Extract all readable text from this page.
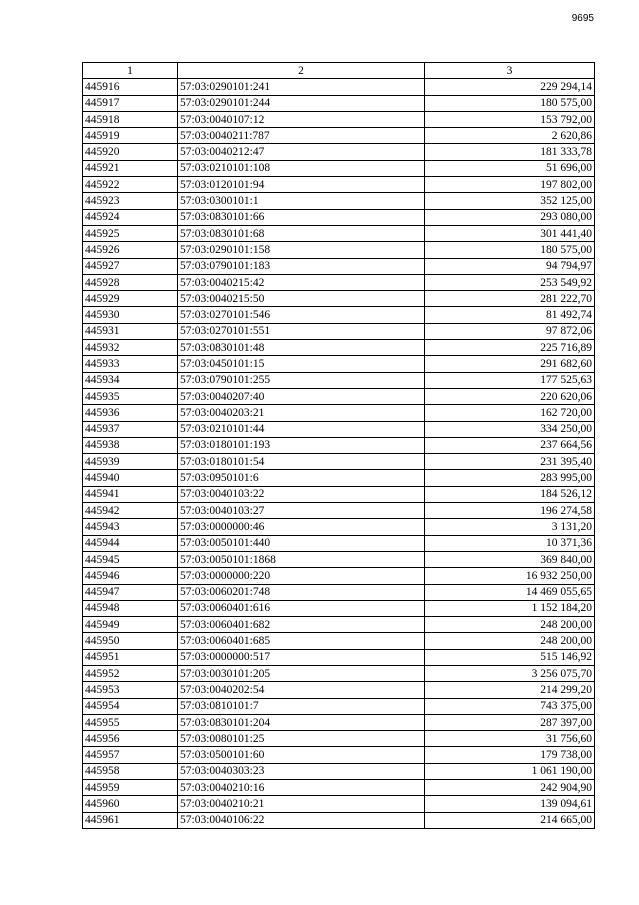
9695
1	2	3
445916	57:03:0290101:241	229 294,14
445917	57:03:0290101:244	180 575,00
445918	57:03:0040107:12	153 792,00
445919	57:03:0040211:787	2 620,86
445920	57:03:0040212:47	181 333,78
445921	57:03:0210101:108	51 696,00
445922	57:03:0120101:94	197 802,00
445923	57:03:0300101:1	352 125,00
445924	57:03:0830101:66	293 080,00
445925	57:03:0830101:68	301 441,40
445926	57:03:0290101:158	180 575,00
445927	57:03:0790101:183	94 794,97
445928	57:03:0040215:42	253 549,92
445929	57:03:0040215:50	281 222,70
445930	57:03:0270101:546	81 492,74
445931	57:03:0270101:551	97 872,06
445932	57:03:0830101:48	225 716,89
445933	57:03:0450101:15	291 682,60
445934	57:03:0790101:255	177 525,63
445935	57:03:0040207:40	220 620,06
445936	57:03:0040203:21	162 720,00
445937	57:03:0210101:44	334 250,00
445938	57:03:0180101:193	237 664,56
445939	57:03:0180101:54	231 395,40
445940	57:03:0950101:6	283 995,00
445941	57:03:0040103:22	184 526,12
445942	57:03:0040103:27	196 274,58
445943	57:03:0000000:46	3 131,20
445944	57:03:0050101:440	10 371,36
445945	57:03:0050101:1868	369 840,00
445946	57:03:0000000:220	16 932 250,00
445947	57:03:0060201:748	14 469 055,65
445948	57:03:0060401:616	1 152 184,20
445949	57:03:0060401:682	248 200,00
445950	57:03:0060401:685	248 200,00
445951	57:03:0000000:517	515 146,92
445952	57:03:0030101:205	3 256 075,70
445953	57:03:0040202:54	214 299,20
445954	57:03:0810101:7	743 375,00
445955	57:03:0830101:204	287 397,00
445956	57:03:0080101:25	31 756,60
445957	57:03:0500101:60	179 738,00
445958	57:03:0040303:23	1 061 190,00
445959	57:03:0040210:16	242 904,90
445960	57:03:0040210:21	139 094,61
445961	57:03:0040106:22	214 665,00
